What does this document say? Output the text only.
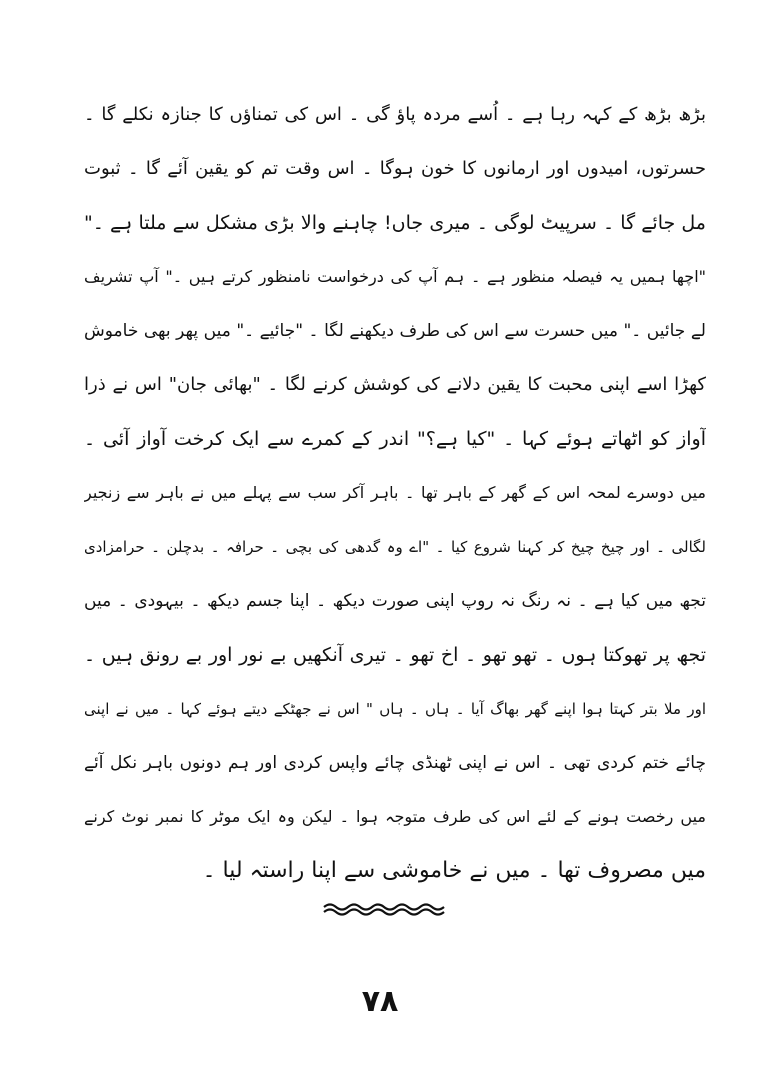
بڑھ بڑھ کے کہہ رہا ہے ۔ اُسے مردہ پاؤ گی ۔ اس کی تمناؤں کا جنازہ نکلے گا ۔
حسرتوں، امیدوں اور ارمانوں کا خون ہوگا ۔ اس وقت تم کو یقین آئے گا ۔ ثبوت
مل جائے گا ۔ سرپیٹ لوگی ۔ میری جاں! چاہنے والا بڑی مشکل سے ملتا ہے ۔"
"اچھا ہمیں یہ فیصلہ منظور ہے ۔ ہم آپ کی درخواست نامنظور کرتے ہیں ۔" آپ تشریف
لے جائیں ۔" میں حسرت سے اس کی طرف دیکھنے لگا ۔ "جائیے ۔" میں پھر بھی خاموش
کھڑا اسے اپنی محبت کا یقین دلانے کی کوشش کرنے لگا ۔ "بھائی جان" اس نے ذرا
آواز کو اٹھاتے ہوئے کہا ۔ "کیا ہے؟" اندر کے کمرے سے ایک کرخت آواز آئی ۔
میں دوسرے لمحہ اس کے گھر کے باہر تھا ۔ باہر آکر سب سے پہلے میں نے باہر سے زنجیر
لگالی ۔ اور چیخ چیخ کر کہنا شروع کیا ۔ "اے وہ گدھی کی بچی ۔ حرافہ ۔ بدچلن ۔ حرامزادی
تجھ میں کیا ہے ۔ نہ رنگ نہ روپ اپنی صورت دیکھ ۔ اپنا جسم دیکھ ۔ بیہودی ۔ میں
تجھ پر تھوکتا ہوں ۔ تھو تھو ۔ اخ تھو ۔ تیری آنکھیں بے نور اور بے رونق ہیں ۔
اور ملا بتر کہتا ہوا اپنے گھر بھاگ آیا ۔ ہاں ۔ ہاں " اس نے جھٹکے دیتے ہوئے کہا ۔ میں نے اپنی
چائے ختم کردی تھی ۔ اس نے اپنی ٹھنڈی چائے واپس کردی اور ہم دونوں باہر نکل آئے
میں رخصت ہونے کے لئے اس کی طرف متوجہ ہوا ۔ لیکن وہ ایک موٹر کا نمبر نوٹ کرنے
میں مصروف تھا ۔ میں نے خاموشی سے اپنا راستہ لیا ۔
۷۸
